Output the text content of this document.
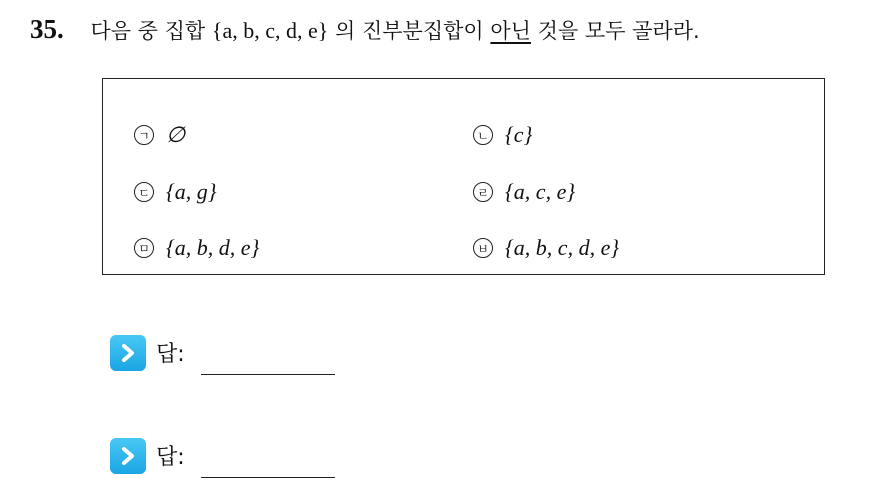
35. 다음 중 집합 {a, b, c, d, e} 의 진부분집합이 아닌 것을 모두 골라라.
ㄱ ∅	ㄴ {c}
ㄷ {a, g}	ㄹ {a, c, e}
ㅁ {a, b, d, e}	ㅂ {a, b, c, d, e}
답:
답:
